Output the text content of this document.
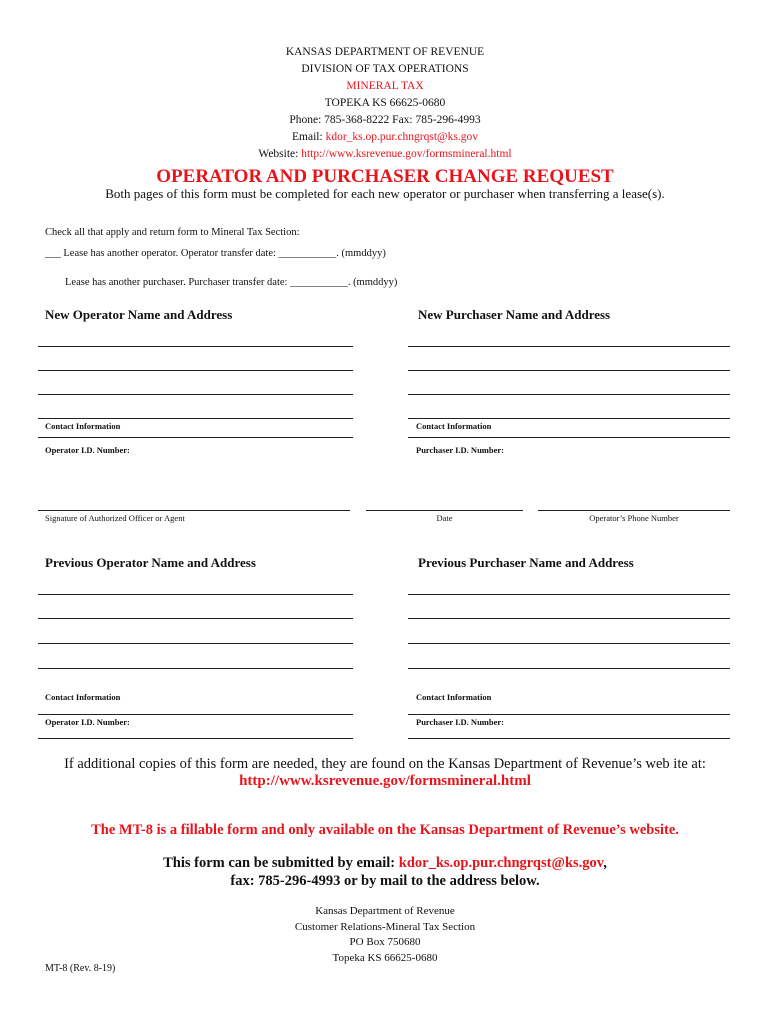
KANSAS DEPARTMENT OF REVENUE
DIVISION OF TAX OPERATIONS
MINERAL TAX
TOPEKA KS 66625-0680
Phone: 785-368-8222 Fax: 785-296-4993
Email: kdor_ks.op.pur.chngrqst@ks.gov
Website: http://www.ksrevenue.gov/formsmineral.html
OPERATOR AND PURCHASER CHANGE REQUEST
Both pages of this form must be completed for each new operator or purchaser when transferring a lease(s).
Check all that apply and return form to Mineral Tax Section:
___ Lease has another operator. Operator transfer date: ___________. (mmddyy)
Lease has another purchaser. Purchaser transfer date: ___________. (mmddyy)
New Operator Name and Address	New Purchaser Name and Address
Contact Information	Contact Information
Operator I.D. Number:	Purchaser I.D. Number:
Signature of Authorized Officer or Agent	Date	Operator’s Phone Number
Previous Operator Name and Address	Previous Purchaser Name and Address
Contact Information	Contact Information
Operator I.D. Number:	Purchaser I.D. Number:
If additional copies of this form are needed, they are found on the Kansas Department of Revenue’s web ite at:
http://www.ksrevenue.gov/formsmineral.html
The MT-8 is a fillable form and only available on the Kansas Department of Revenue’s website.
This form can be submitted by email: kdor_ks.op.pur.chngrqst@ks.gov,
fax: 785-296-4993 or by mail to the address below.
Kansas Department of Revenue
Customer Relations-Mineral Tax Section
PO Box 750680
Topeka KS 66625-0680
MT-8 (Rev. 8-19)
